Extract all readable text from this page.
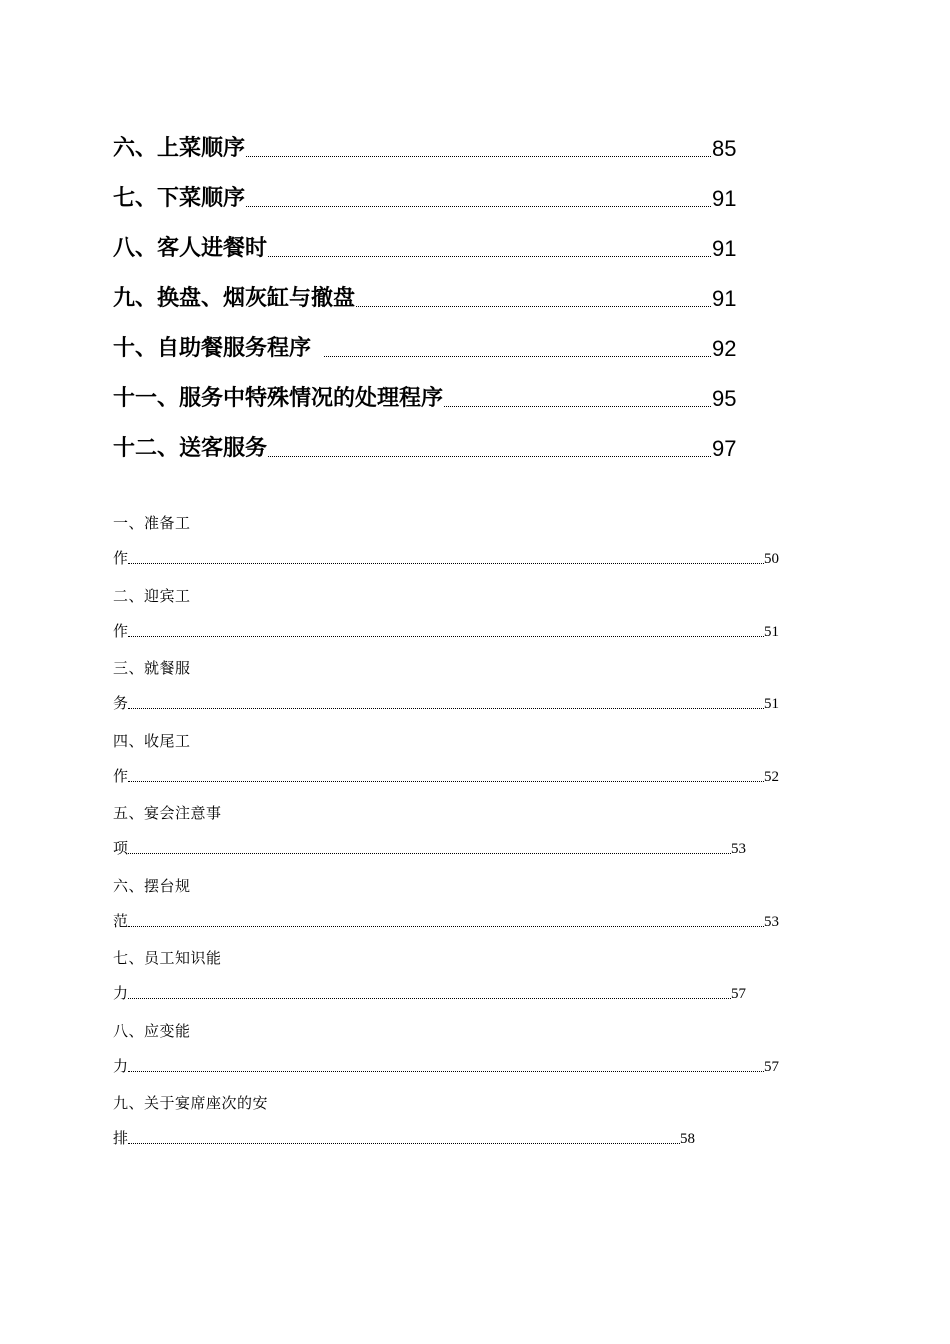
六、上菜顺序	85
七、下菜顺序	91
八、客人进餐时	91
九、换盘、烟灰缸与撤盘	91
十、自助餐服务程序	92
十一、服务中特殊情况的处理程序	95
十二、送客服务	97
一、准备工
作	50
二、迎宾工
作	51
三、就餐服
务	51
四、收尾工
作	52
五、宴会注意事
项	53
六、摆台规
范	53
七、员工知识能
力	57
八、应变能
力	57
九、关于宴席座次的安
排	58
